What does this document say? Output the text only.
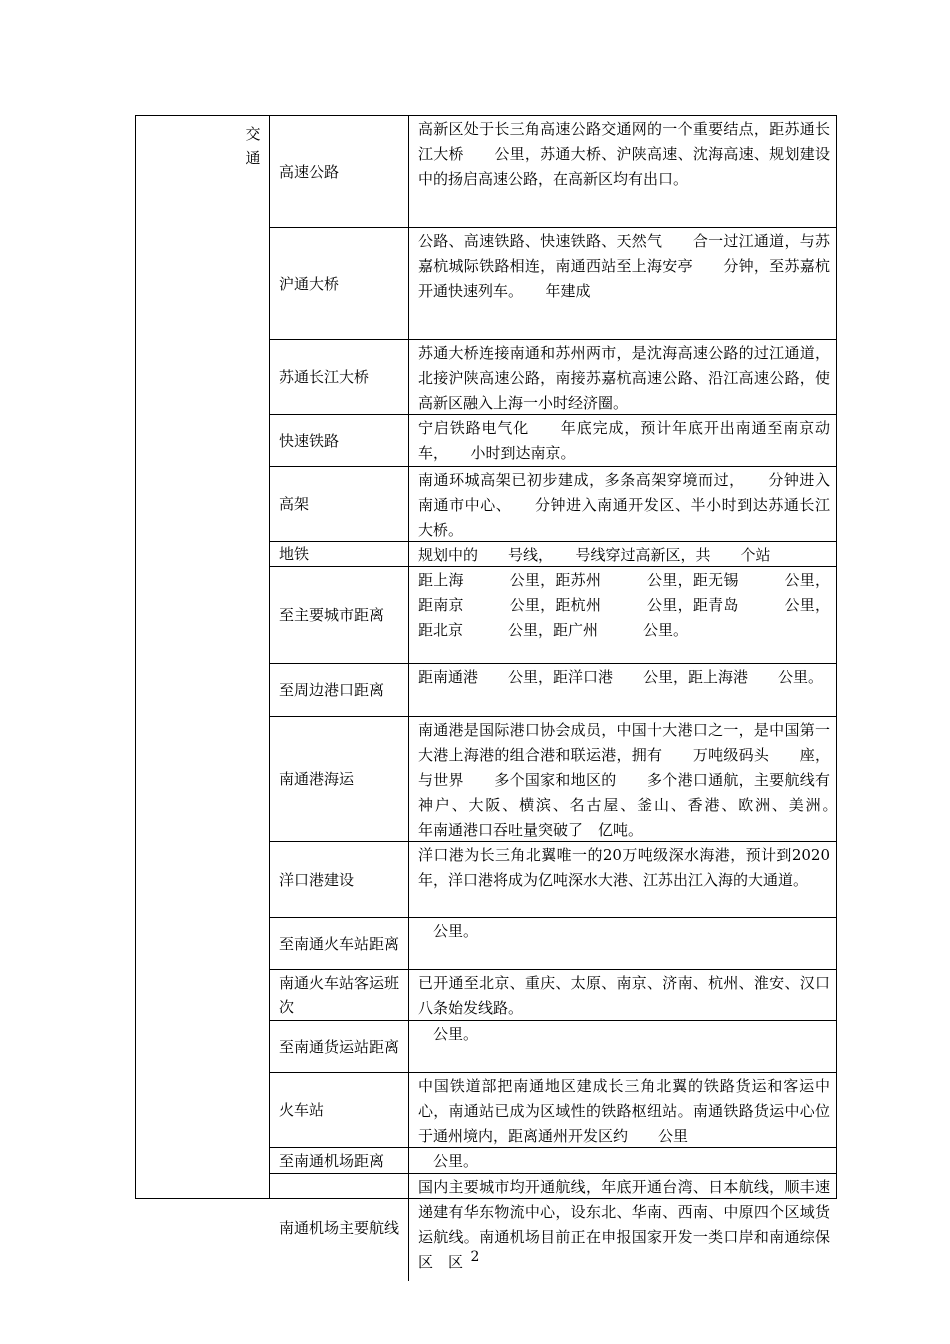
交通
高速公路
高新区处于长三角高速公路交通网的一个重要结点，距苏通长江大桥　　公里，苏通大桥、沪陕高速、沈海高速、规划建设中的扬启高速公路，在高新区均有出口。
沪通大桥
公路、高速铁路、快速铁路、天然气　　合一过江通道，与苏嘉杭城际铁路相连，南通西站至上海安亭　　分钟，至苏嘉杭开通快速列车。　　年建成
苏通长江大桥
苏通大桥连接南通和苏州两市，是沈海高速公路的过江通道，北接沪陕高速公路，南接苏嘉杭高速公路、沿江高速公路，使高新区融入上海一小时经济圈。
快速铁路
宁启铁路电气化　　年底完成，预计年底开出南通至南京动车，　　小时到达南京。
高架
南通环城高架已初步建成，多条高架穿境而过，　　分钟进入南通市中心、　　分钟进入南通开发区、半小时到达苏通长江大桥。
地铁	规划中的　　号线，　　号线穿过高新区，共　　个站
至主要城市距离
距上海　　　公里，距苏州　　　公里，距无锡　　　公里，距南京　　　公里，距杭州　　　公里，距青岛　　　公里，距北京　　　公里，距广州　　　公里。
至周边港口距离
距南通港　　公里，距洋口港　　公里，距上海港　　公里。
南通港海运
南通港是国际港口协会成员，中国十大港口之一，是中国第一大港上海港的组合港和联运港，拥有　　万吨级码头　　座，与世界　　多个国家和地区的　　多个港口通航，主要航线有神户、大阪、横滨、名古屋、釜山、香港、欧洲、美洲。　　年南通港口吞吐量突破了　亿吨。
洋口港建设
洋口港为长三角北翼唯一的20万吨级深水海港，预计到2020年，洋口港将成为亿吨深水大港、江苏出江入海的大通道。
至南通火车站距离
　公里。
南通火车站客运班次
已开通至北京、重庆、太原、南京、济南、杭州、淮安、汉口八条始发线路。
至南通货运站距离
　公里。
火车站
中国铁道部把南通地区建成长三角北翼的铁路货运和客运中心，南通站已成为区域性的铁路枢纽站。南通铁路货运中心位于通州境内，距离通州开发区约　　公里
至南通机场距离	　公里。
南通机场主要航线
国内主要城市均开通航线，年底开通台湾、日本航线，顺丰速递建有华东物流中心，设东北、华南、西南、中原四个区域货运航线。南通机场目前正在申报国家开发一类口岸和南通综保区　区 2
